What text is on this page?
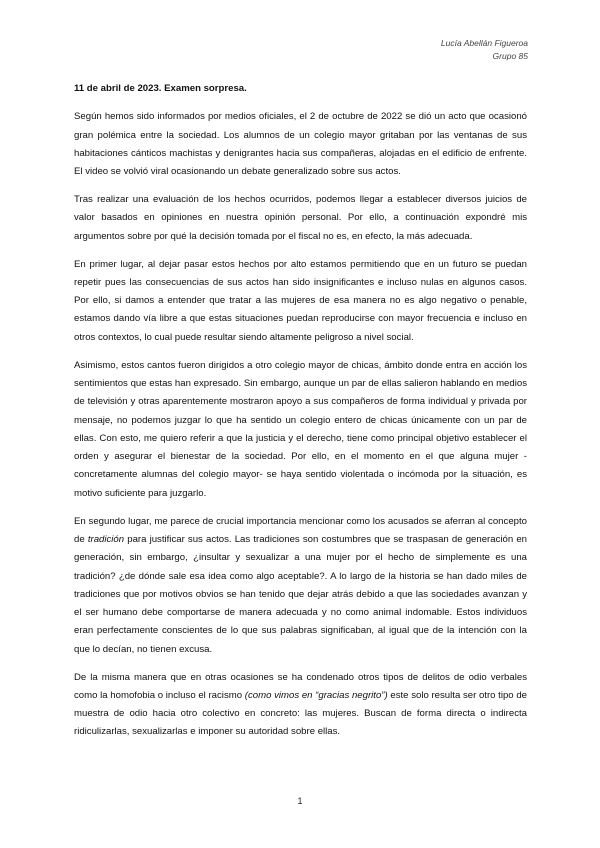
Lucía Abellán Figueroa
Grupo 85
11 de abril de 2023. Examen sorpresa.

Según hemos sido informados por medios oficiales, el 2 de octubre de 2022 se dió un acto que ocasionó gran polémica entre la sociedad. Los alumnos de un colegio mayor gritaban por las ventanas de sus habitaciones cánticos machistas y denigrantes hacia sus compañeras, alojadas en el edificio de enfrente. El video se volvió viral ocasionando un debate generalizado sobre sus actos.

Tras realizar una evaluación de los hechos ocurridos, podemos llegar a establecer diversos juicios de valor basados en opiniones en nuestra opinión personal. Por ello, a continuación expondré mis argumentos sobre por qué la decisión tomada por el fiscal no es, en efecto, la más adecuada.

En primer lugar, al dejar pasar estos hechos por alto estamos permitiendo que en un futuro se puedan repetir pues las consecuencias de sus actos han sido insignificantes e incluso nulas en algunos casos. Por ello, si damos a entender que tratar a las mujeres de esa manera no es algo negativo o penable, estamos dando vía libre a que estas situaciones puedan reproducirse con mayor frecuencia e incluso en otros contextos, lo cual puede resultar siendo altamente peligroso a nivel social.

Asimismo, estos cantos fueron dirigidos a otro colegio mayor de chicas, ámbito donde entra en acción los sentimientos que estas han expresado. Sin embargo, aunque un par de ellas salieron hablando en medios de televisión y otras aparentemente mostraron apoyo a sus compañeros de forma individual y privada por mensaje, no podemos juzgar lo que ha sentido un colegio entero de chicas únicamente con un par de ellas. Con esto, me quiero referir a que la justicia y el derecho, tiene como principal objetivo establecer el orden y asegurar el bienestar de la sociedad. Por ello, en el momento en el que alguna mujer -concretamente alumnas del colegio mayor- se haya sentido violentada o incómoda por la situación, es motivo suficiente para juzgarlo.

En segundo lugar, me parece de crucial importancia mencionar como los acusados se aferran al concepto de tradición para justificar sus actos. Las tradiciones son costumbres que se traspasan de generación en generación, sin embargo, ¿insultar y sexualizar a una mujer por el hecho de simplemente es una tradición? ¿de dónde sale esa idea como algo aceptable?. A lo largo de la historia se han dado miles de tradiciones que por motivos obvios se han tenido que dejar atrás debido a que las sociedades avanzan y el ser humano debe comportarse de manera adecuada y no como animal indomable. Estos individuos eran perfectamente conscientes de lo que sus palabras significaban, al igual que de la intención con la que lo decían, no tienen excusa.

De la misma manera que en otras ocasiones se ha condenado otros tipos de delitos de odio verbales como la homofobia o incluso el racismo (como vimos en “gracias negrito”) este solo resulta ser otro tipo de muestra de odio hacia otro colectivo en concreto: las mujeres. Buscan de forma directa o indirecta ridiculizarlas, sexualizarlas e imponer su autoridad sobre ellas.

1
